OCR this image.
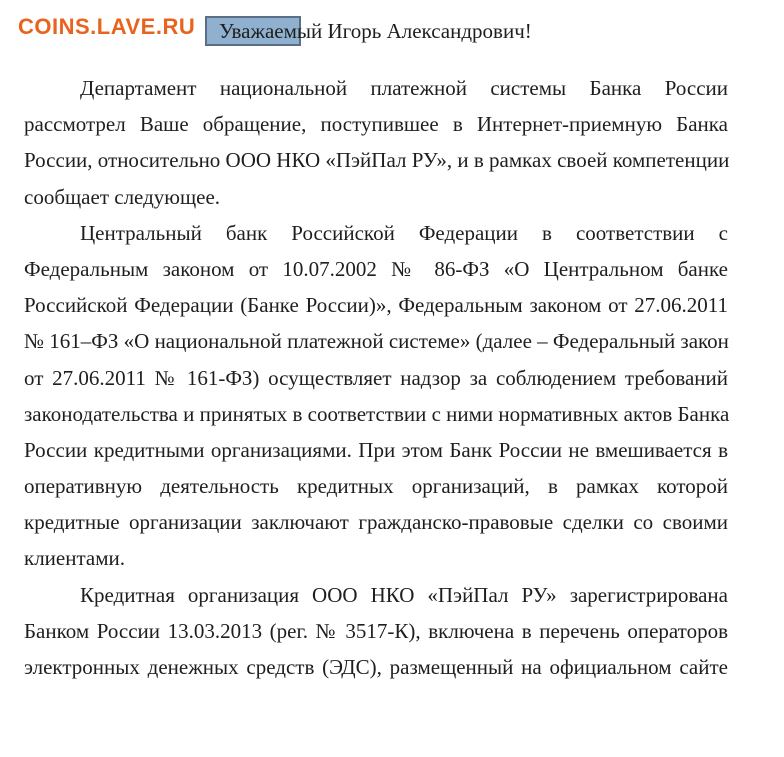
COINS.LAVE.RU	Уважаемый Игорь Александрович!
Департамент национальной платежной системы Банка России
рассмотрел Ваше обращение, поступившее в Интернет-приемную Банка
России, относительно ООО НКО «ПэйПал РУ», и в рамках своей компетенции
сообщает следующее.
Центральный банк Российской Федерации в соответствии с
Федеральным законом от 10.07.2002 № 86-ФЗ «О Центральном банке
Российской Федерации (Банке России)», Федеральным законом от 27.06.2011
№ 161–ФЗ «О национальной платежной системе» (далее – Федеральный закон
от 27.06.2011 № 161-ФЗ) осуществляет надзор за соблюдением требований
законодательства и принятых в соответствии с ними нормативных актов Банка
России кредитными организациями. При этом Банк России не вмешивается в
оперативную деятельность кредитных организаций, в рамках которой
кредитные организации заключают гражданско-правовые сделки со своими
клиентами.
Кредитная организация ООО НКО «ПэйПал РУ» зарегистрирована
Банком России 13.03.2013 (рег. № 3517-К), включена в перечень операторов
электронных денежных средств (ЭДС), размещенный на официальном сайте
